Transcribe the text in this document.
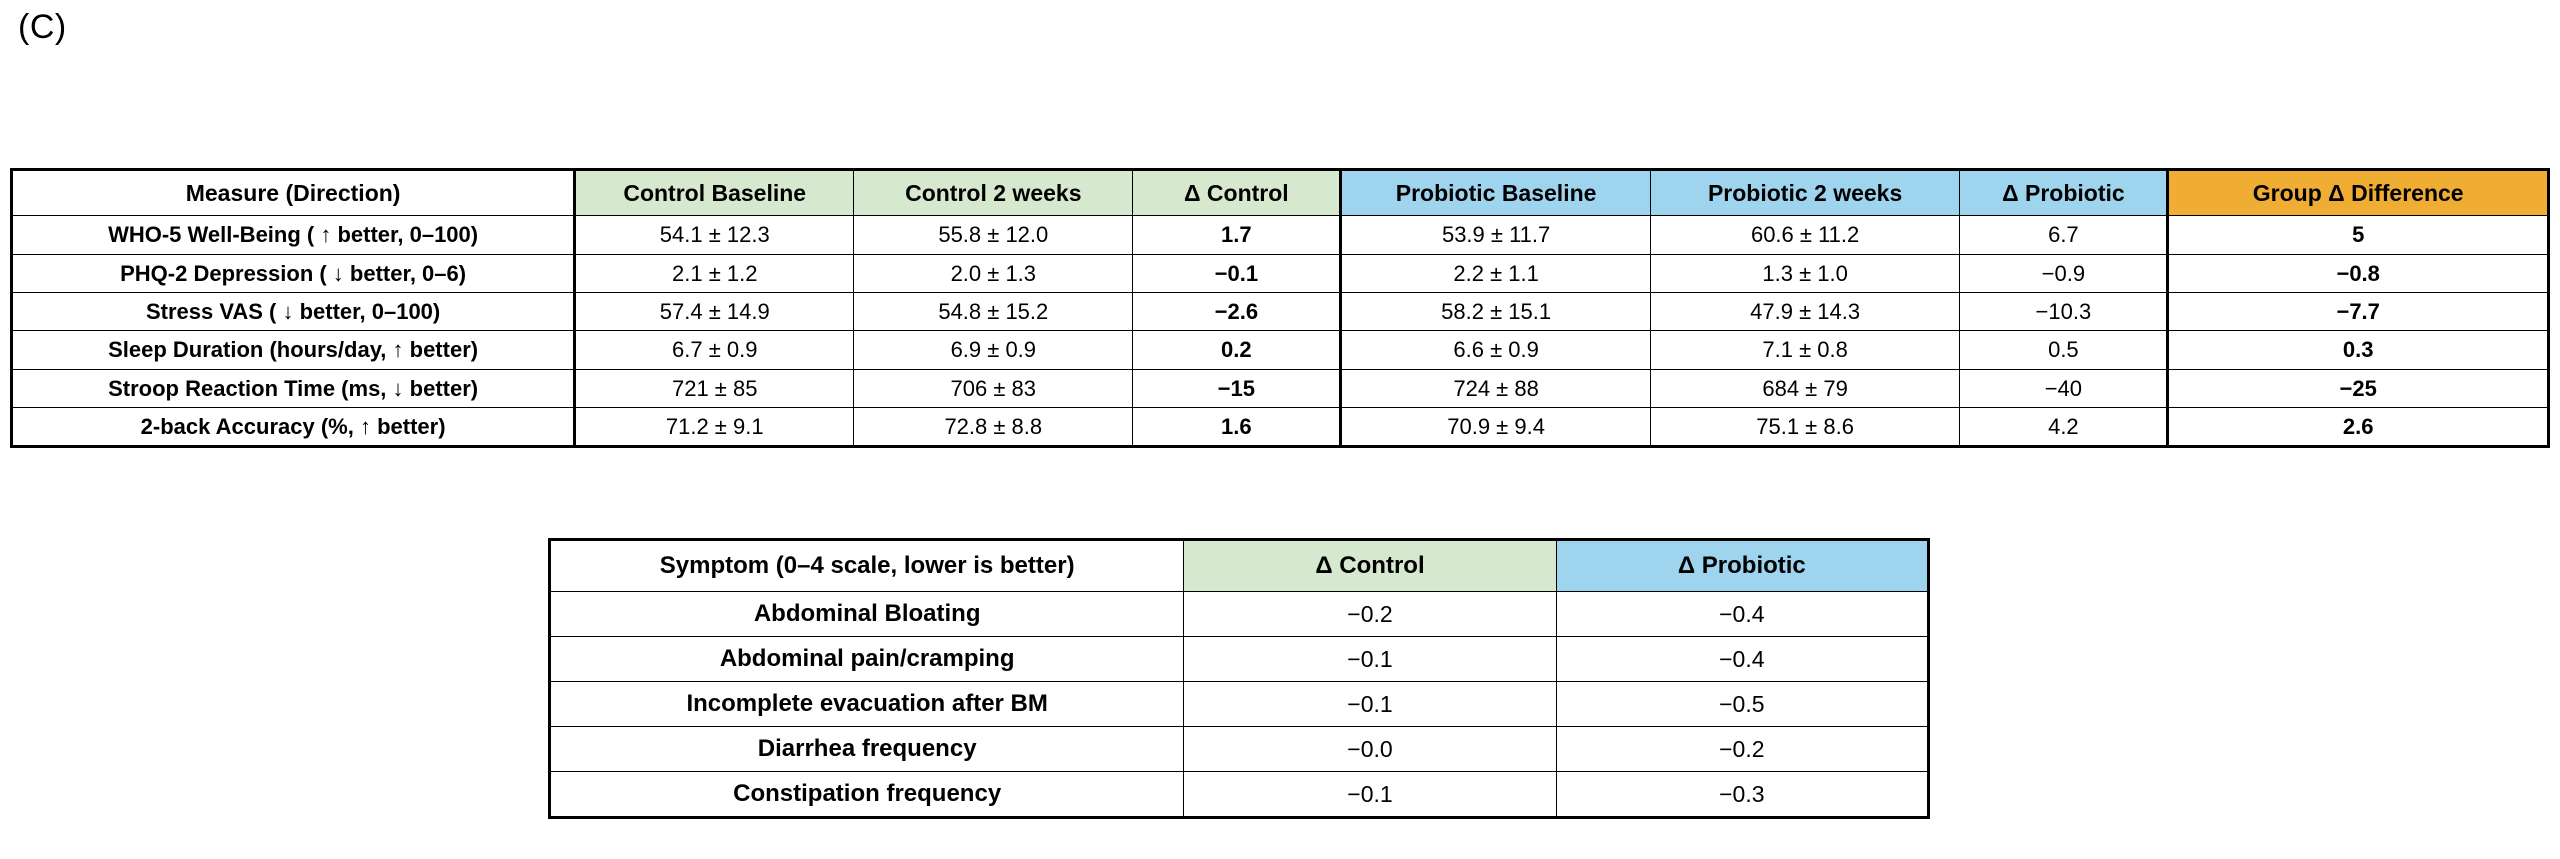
(C)
Measure (Direction)	Control Baseline	Control 2 weeks	Δ Control	Probiotic Baseline	Probiotic 2 weeks	Δ Probiotic	Group Δ Difference
WHO-5 Well-Being ( ↑ better, 0–100)	54.1 ± 12.3	55.8 ± 12.0	1.7	53.9 ± 11.7	60.6 ± 11.2	6.7	5
PHQ-2 Depression ( ↓ better, 0–6)	2.1 ± 1.2	2.0 ± 1.3	−0.1	2.2 ± 1.1	1.3 ± 1.0	−0.9	−0.8
Stress VAS ( ↓ better, 0–100)	57.4 ± 14.9	54.8 ± 15.2	−2.6	58.2 ± 15.1	47.9 ± 14.3	−10.3	−7.7
Sleep Duration (hours/day, ↑ better)	6.7 ± 0.9	6.9 ± 0.9	0.2	6.6 ± 0.9	7.1 ± 0.8	0.5	0.3
Stroop Reaction Time (ms, ↓ better)	721 ± 85	706 ± 83	−15	724 ± 88	684 ± 79	−40	−25
2-back Accuracy (%, ↑ better)	71.2 ± 9.1	72.8 ± 8.8	1.6	70.9 ± 9.4	75.1 ± 8.6	4.2	2.6
Symptom (0–4 scale, lower is better)	Δ Control	Δ Probiotic
Abdominal Bloating	−0.2	−0.4
Abdominal pain/cramping	−0.1	−0.4
Incomplete evacuation after BM	−0.1	−0.5
Diarrhea frequency	−0.0	−0.2
Constipation frequency	−0.1	−0.3
